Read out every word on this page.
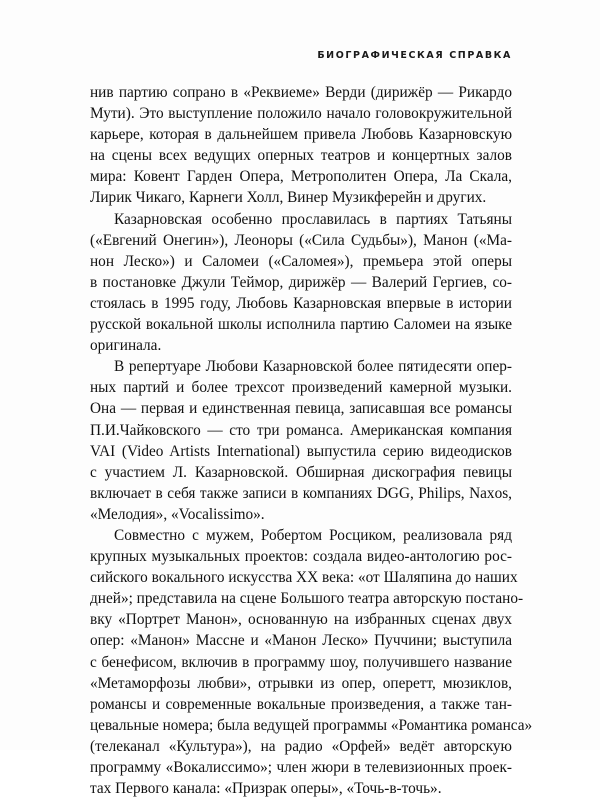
БИОГРАФИЧЕСКАЯ СПРАВКА

нив партию сопрано в «Реквиеме» Верди (дирижёр — Рикардо
Мути). Это выступление положило начало головокружительной
карьере, которая в дальнейшем привела Любовь Казарновскую
на сцены всех ведущих оперных театров и концертных залов
мира: Ковент Гарден Опера, Метрополитен Опера, Ла Скала,
Лирик Чикаго, Карнеги Холл, Винер Музикферейн и других.

Казарновская особенно прославилась в партиях Татьяны
(«Евгений Онегин»), Леоноры («Сила Судьбы»), Манон («Ма-
нон Леско») и Саломеи («Саломея»), премьера этой оперы
в постановке Джули Теймор, дирижёр — Валерий Гергиев, со-
стоялась в 1995 году, Любовь Казарновская впервые в истории
русской вокальной школы исполнила партию Саломеи на языке
оригинала.

В репертуаре Любови Казарновской более пятидесяти опер-
ных партий и более трехсот произведений камерной музыки.
Она — первая и единственная певица, записавшая все романсы
П.И.Чайковского — сто три романса. Американская компания
VAI (Video Artists International) выпустила серию видеодисков
с участием Л. Казарновской. Обширная дискография певицы
включает в себя также записи в компаниях DGG, Philips, Naxos,
«Мелодия», «Vocalissimo».

Совместно с мужем, Робертом Росциком, реализовала ряд
крупных музыкальных проектов: создала видео-антологию рос-
сийского вокального искусства XX века: «от Шаляпина до наших
дней»; представила на сцене Большого театра авторскую постано-
вку «Портрет Манон», основанную на избранных сценах двух
опер: «Манон» Массне и «Манон Леско» Пуччини; выступила
с бенефисом, включив в программу шоу, получившего название
«Метаморфозы любви», отрывки из опер, оперетт, мюзиклов,
романсы и современные вокальные произведения, а также тан-
цевальные номера; была ведущей программы «Романтика романса»
(телеканал «Культура»), на радио «Орфей» ведёт авторскую
программу «Вокалиссимо»; член жюри в телевизионных проек-
тах Первого канала: «Призрак оперы», «Точь-в-точь».
